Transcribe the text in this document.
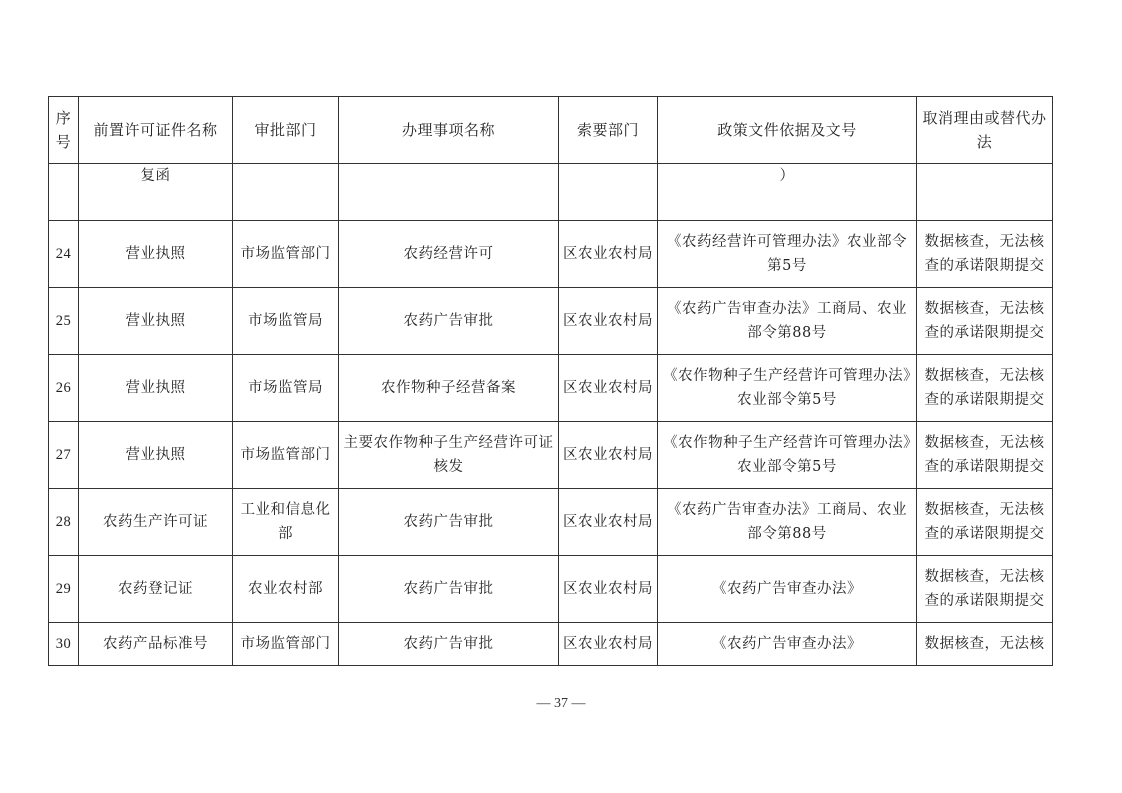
序号	前置许可证件名称	审批部门	办理事项名称	索要部门	政策文件依据及文号	取消理由或替代办法
	复函				）	
24	营业执照	市场监管部门	农药经营许可	区农业农村局	《农药经营许可管理办法》农业部令第5号	数据核查，无法核查的承诺限期提交
25	营业执照	市场监管局	农药广告审批	区农业农村局	《农药广告审查办法》工商局、农业部令第88号	数据核查，无法核查的承诺限期提交
26	营业执照	市场监管局	农作物种子经营备案	区农业农村局	《农作物种子生产经营许可管理办法》农业部令第5号	数据核查，无法核查的承诺限期提交
27	营业执照	市场监管部门	主要农作物种子生产经营许可证核发	区农业农村局	《农作物种子生产经营许可管理办法》农业部令第5号	数据核查，无法核查的承诺限期提交
28	农药生产许可证	工业和信息化部	农药广告审批	区农业农村局	《农药广告审查办法》工商局、农业部令第88号	数据核查，无法核查的承诺限期提交
29	农药登记证	农业农村部	农药广告审批	区农业农村局	《农药广告审查办法》	数据核查，无法核查的承诺限期提交
30	农药产品标准号	市场监管部门	农药广告审批	区农业农村局	《农药广告审查办法》	数据核查，无法核
— 37 —
